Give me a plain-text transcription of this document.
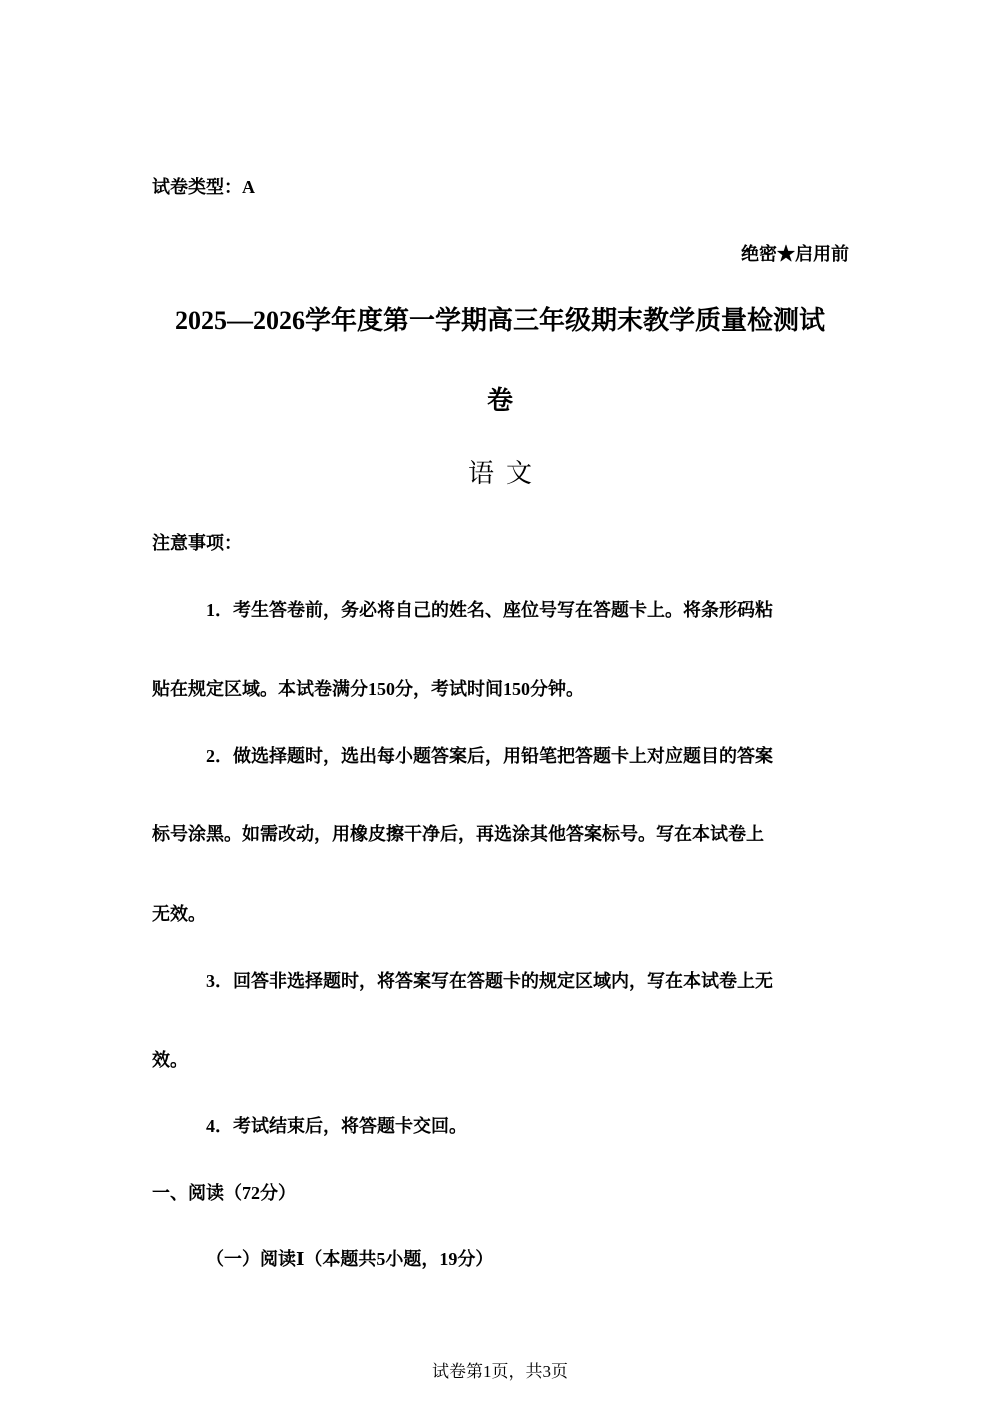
试卷类型：A
绝密★启用前
2025—2026学年度第一学期高三年级期末教学质量检测试
卷
语文
注意事项：
1．考生答卷前，务必将自己的姓名、座位号写在答题卡上。将条形码粘
贴在规定区域。本试卷满分150分，考试时间150分钟。
2．做选择题时，选出每小题答案后，用铅笔把答题卡上对应题目的答案
标号涂黑。如需改动，用橡皮擦干净后，再选涂其他答案标号。写在本试卷上
无效。
3．回答非选择题时，将答案写在答题卡的规定区域内，写在本试卷上无
效。
4．考试结束后，将答题卡交回。
一、阅读（72分）
（一）阅读Ⅰ（本题共5小题，19分）
试卷第1页，共3页
